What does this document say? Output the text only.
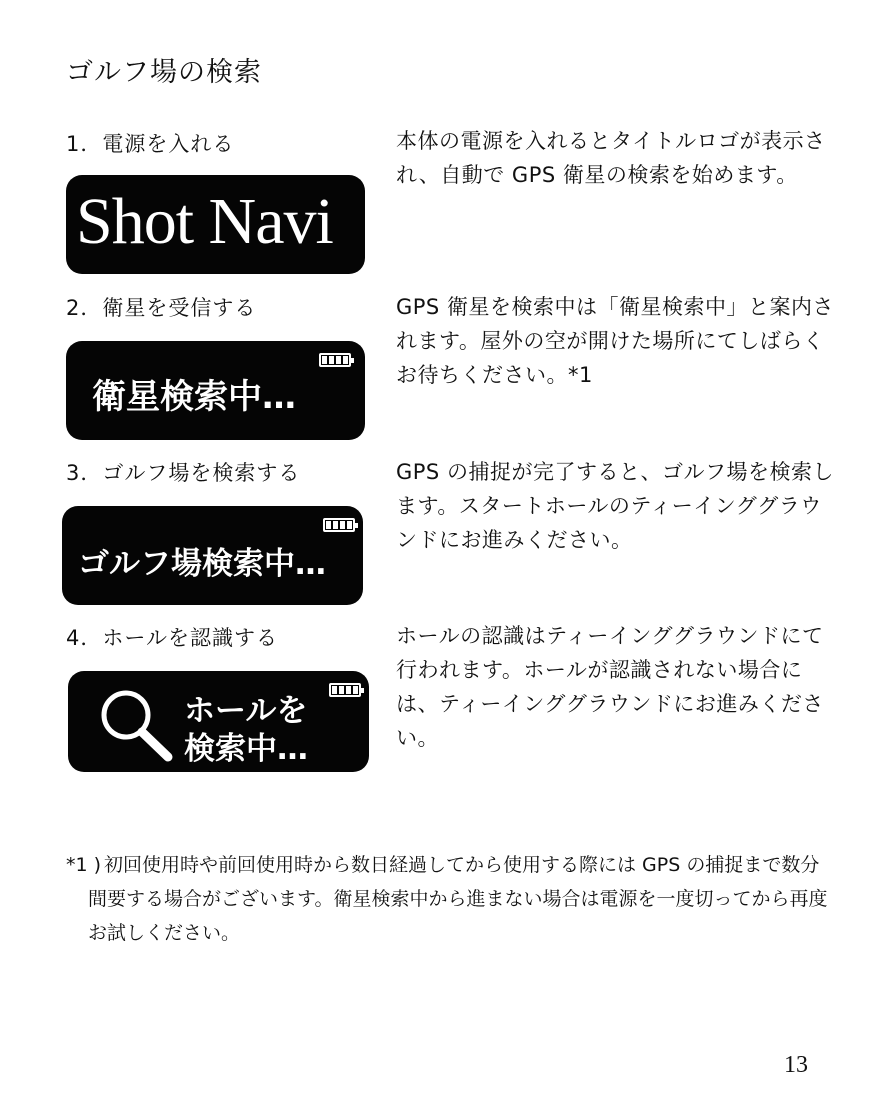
ゴルフ場の検索
1．電源を入れる
Shot Navi
本体の電源を入れるとタイトルロゴが表示され、自動で GPS 衛星の検索を始めます。
2．衛星を受信する
衛星検索中…
GPS 衛星を検索中は「衛星検索中」と案内されます。屋外の空が開けた場所にてしばらくお待ちください。*1
3．ゴルフ場を検索する
ゴルフ場検索中…
GPS の捕捉が完了すると、ゴルフ場を検索します。スタートホールのティーインググラウンドにお進みください。
4．ホールを認識する
ホールを
検索中…
ホールの認識はティーインググラウンドにて行われます。ホールが認識されない場合には、ティーインググラウンドにお進みください。
*1 ) 初回使用時や前回使用時から数日経過してから使用する際には GPS の捕捉まで数分間要する場合がございます。衛星検索中から進まない場合は電源を一度切ってから再度お試しください。
13
